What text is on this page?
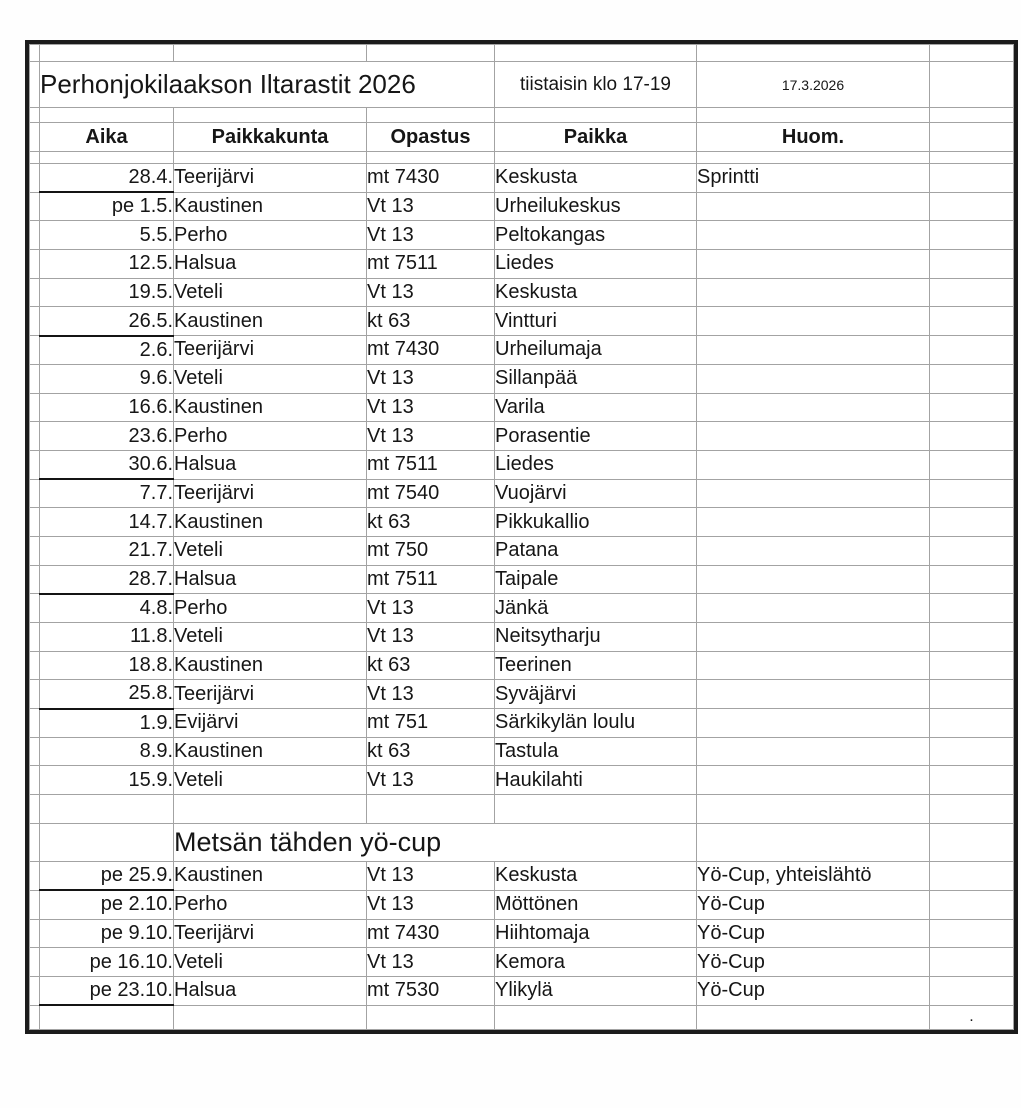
	Perhonjokilaakson Iltarastit 2026	tiistaisin klo 17-19	17.3.2026	

	Aika	Paikkakunta	Opastus	Paikka	Huom.	

	28.4.	Teerijärvi	mt 7430	Keskusta	Sprintti	
	pe 1.5.	Kaustinen	Vt 13	Urheilukeskus		
	5.5.	Perho	Vt 13	Peltokangas		
	12.5.	Halsua	mt 7511	Liedes		
	19.5.	Veteli	Vt 13	Keskusta		
	26.5.	Kaustinen	kt 63	Vintturi		
	2.6.	Teerijärvi	mt 7430	Urheilumaja		
	9.6.	Veteli	Vt 13	Sillanpää		
	16.6.	Kaustinen	Vt 13	Varila		
	23.6.	Perho	Vt 13	Porasentie		
	30.6.	Halsua	mt 7511	Liedes		
	7.7.	Teerijärvi	mt 7540	Vuojärvi		
	14.7.	Kaustinen	kt 63	Pikkukallio		
	21.7.	Veteli	mt 750	Patana		
	28.7.	Halsua	mt 7511	Taipale		
	4.8.	Perho	Vt 13	Jänkä		
	11.8.	Veteli	Vt 13	Neitsytharju		
	18.8.	Kaustinen	kt 63	Teerinen		
	25.8.	Teerijärvi	Vt 13	Syväjärvi		
	1.9.	Evijärvi	mt 751	Särkikylän loulu		
	8.9.	Kaustinen	kt 63	Tastula		
	15.9.	Veteli	Vt 13	Haukilahti		

		Metsän tähden yö-cup		
	pe 25.9.	Kaustinen	Vt 13	Keskusta	Yö-Cup, yhteislähtö	
	pe 2.10.	Perho	Vt 13	Möttönen	Yö-Cup	
	pe 9.10.	Teerijärvi	mt 7430	Hiihtomaja	Yö-Cup	
	pe 16.10.	Veteli	Vt 13	Kemora	Yö-Cup	
	pe 23.10.	Halsua	mt 7530	Ylikylä	Yö-Cup	
						.
